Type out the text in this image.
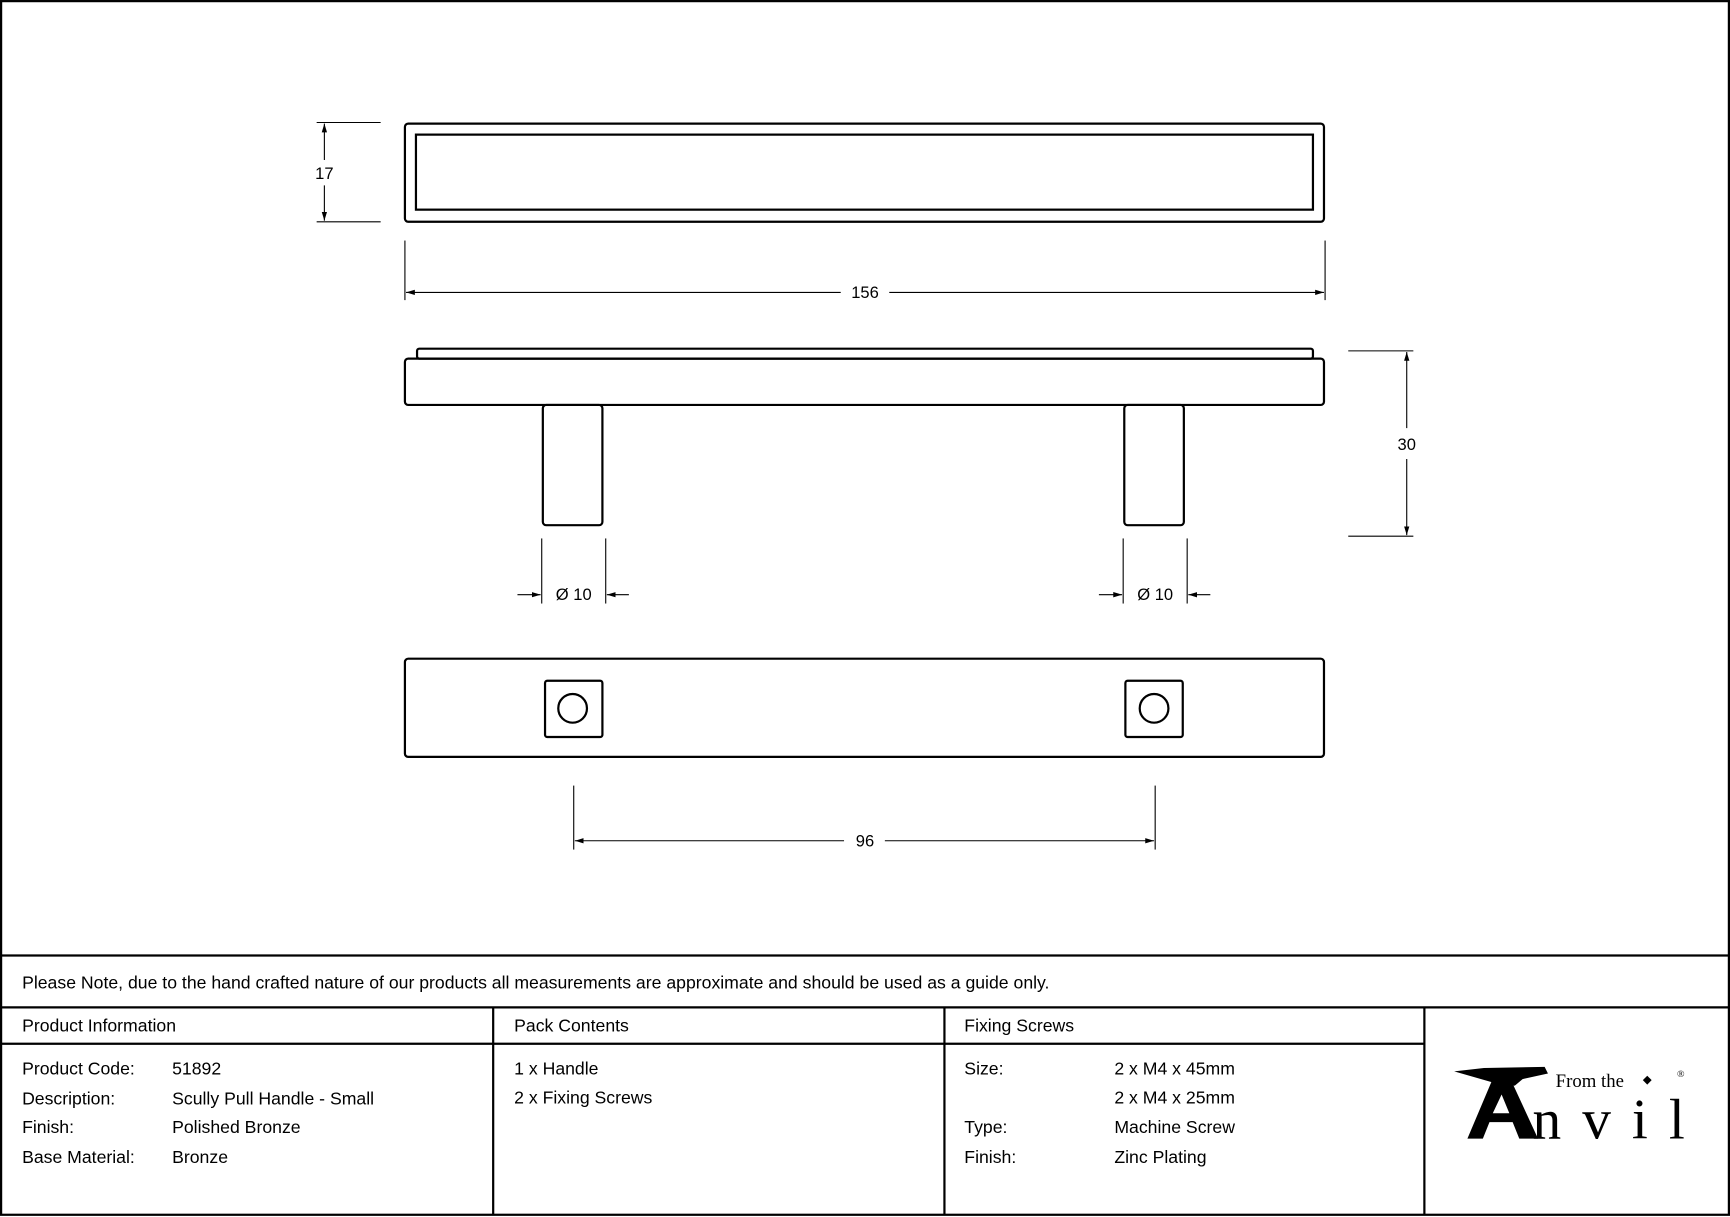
17
156
30
Ø 10	Ø 10
96
Please Note, due to the hand crafted nature of our products all measurements are approximate and should be used as a guide only.
Product Information	Pack Contents	Fixing Screws
Product Code: 51892
Description:	Scully Pull Handle - Small
Finish:	Polished Bronze
Base Material: Bronze
1 x Handle
2 x Fixing Screws
Size:	2 x M4 x 45mm
2 x M4 x 25mm
Type:	Machine Screw
Finish:	Zinc Plating
From the	®
nvil
